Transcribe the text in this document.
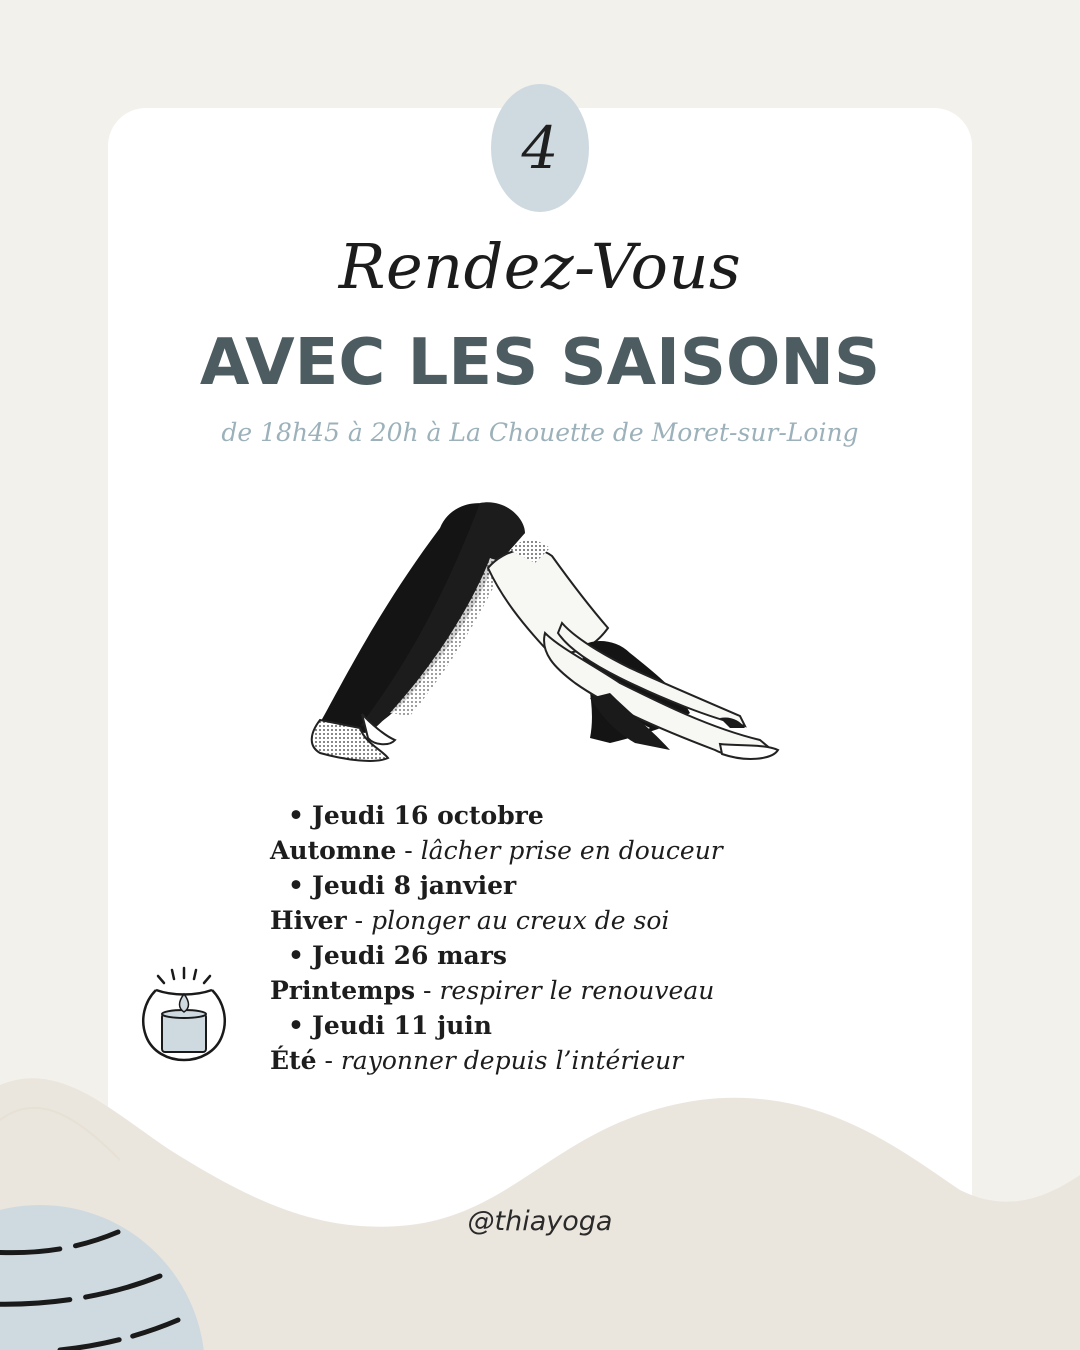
4
Rendez-Vous
AVEC LES SAISONS
de 18h45 à 20h à La Chouette de Moret-sur-Loing
• Jeudi 16 octobre
Automne - lâcher prise en douceur
• Jeudi 8 janvier
Hiver - plonger au creux de soi
• Jeudi 26 mars
Printemps - respirer le renouveau
• Jeudi 11 juin
Été - rayonner depuis l’intérieur
@thiayoga
